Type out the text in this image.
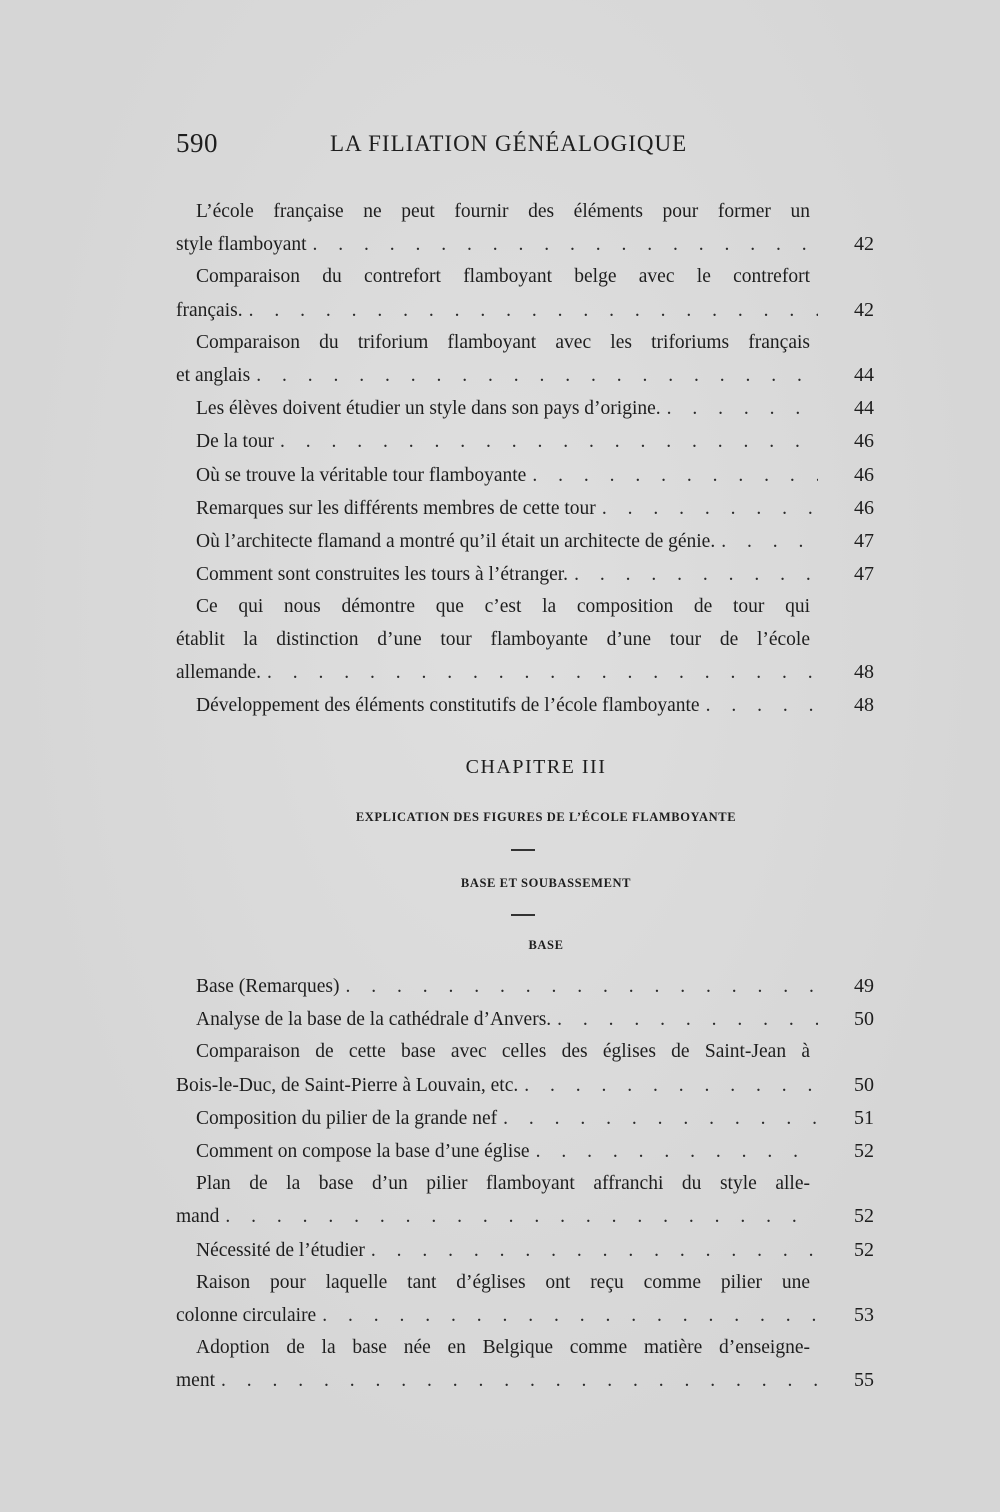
590	LA FILIATION GÉNÉALOGIQUE
L’école française ne peut fournir des éléments pour former un
style flamboyant . . .	42
Comparaison du contrefort flamboyant belge avec le contrefort
français. . . .	42
Comparaison du triforium flamboyant avec les triforiums français
et anglais . . .	44
Les élèves doivent étudier un style dans son pays d’origine. . . .	44
De la tour . . .	46
Où se trouve la véritable tour flamboyante . . .	46
Remarques sur les différents membres de cette tour . . .	46
Où l’architecte flamand a montré qu’il était un architecte de génie. . . .	47
Comment sont construites les tours à l’étranger. . . .	47
Ce qui nous démontre que c’est la composition de tour qui
établit la distinction d’une tour flamboyante d’une tour de l’école
allemande. . . .	48
Développement des éléments constitutifs de l’école flamboyante . . .	48
CHAPITRE III
EXPLICATION DES FIGURES DE L’ÉCOLE FLAMBOYANTE
BASE ET SOUBASSEMENT
BASE
Base (Remarques) . . .	49
Analyse de la base de la cathédrale d’Anvers. . . .	50
Comparaison de cette base avec celles des églises de Saint-Jean à
Bois-le-Duc, de Saint-Pierre à Louvain, etc. . . .	50
Composition du pilier de la grande nef . . .	51
Comment on compose la base d’une église . . .	52
Plan de la base d’un pilier flamboyant affranchi du style alle-
mand . . .	52
Nécessité de l’étudier . . .	52
Raison pour laquelle tant d’églises ont reçu comme pilier une
colonne circulaire . . .	53
Adoption de la base née en Belgique comme matière d’enseigne-
ment . . .	55
